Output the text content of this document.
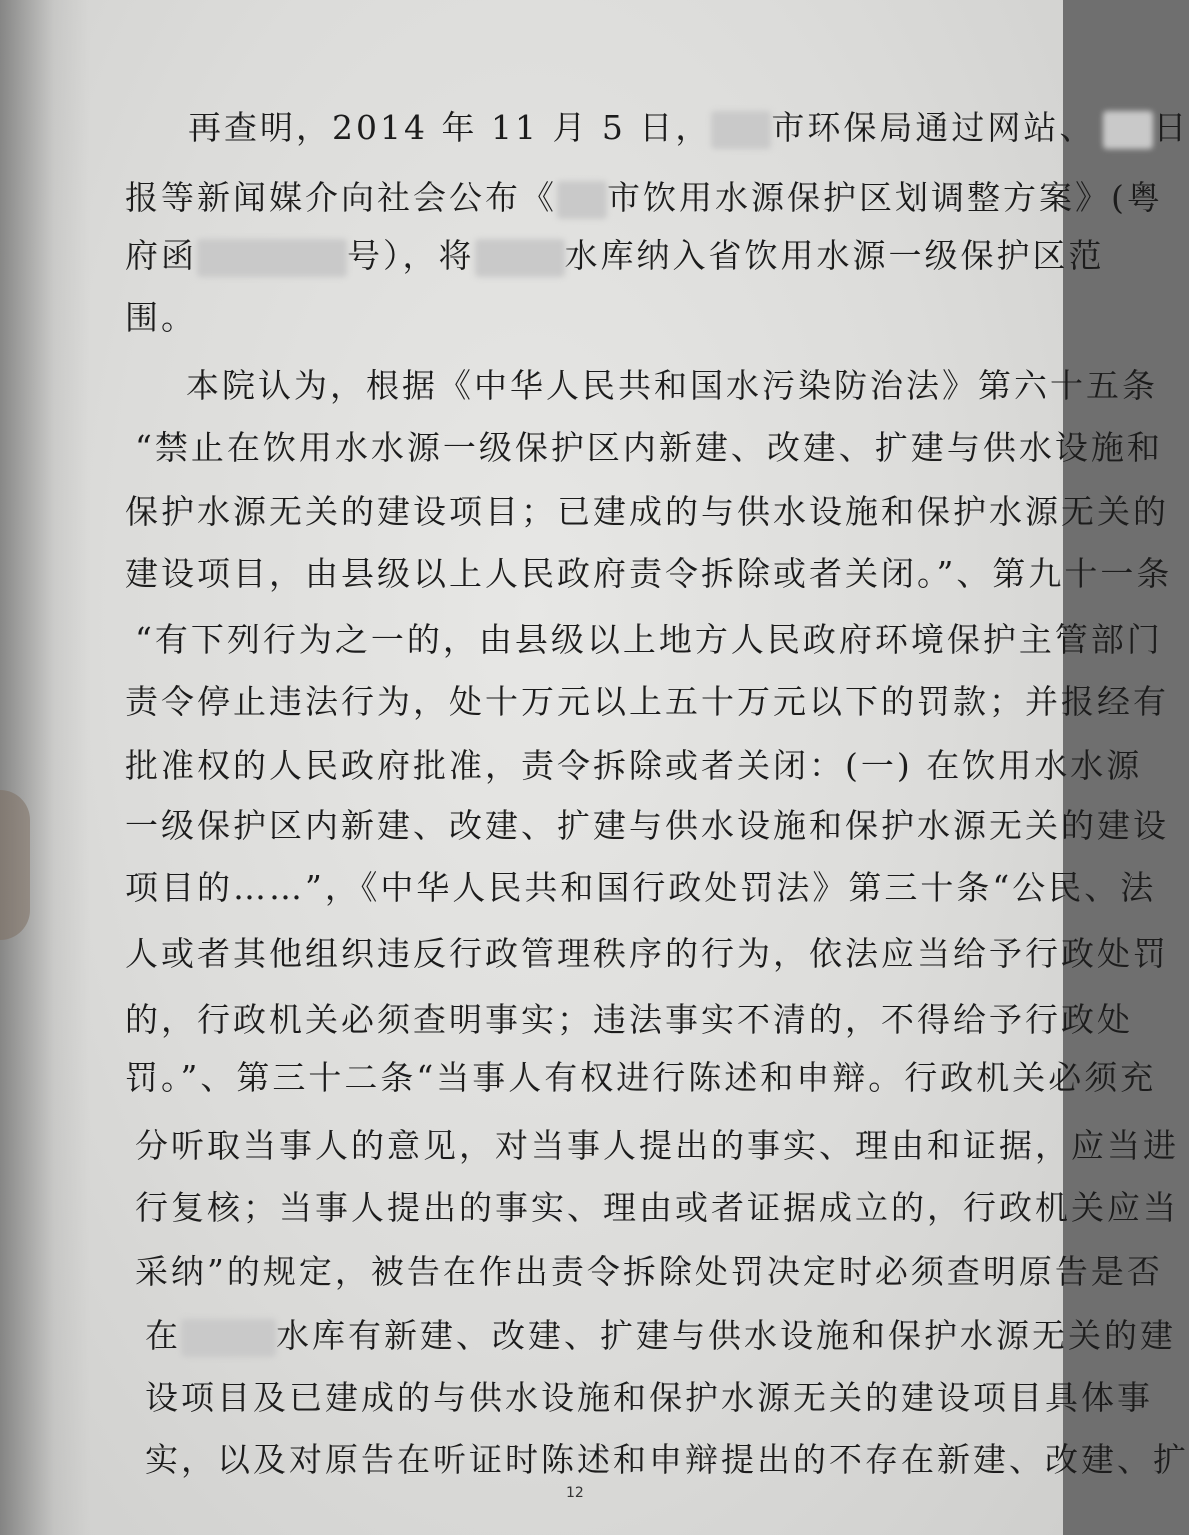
再查明，2014 年 11 月 5 日， 市环保局通过网站、 日
报等新闻媒介向社会公布《 市饮用水源保护区划调整方案》(粤
府函	号），将	水库纳入省饮用水源一级保护区范
围。
本院认为，根据《中华人民共和国水污染防治法》第六十五条
“禁止在饮用水水源一级保护区内新建、改建、扩建与供水设施和
保护水源无关的建设项目；已建成的与供水设施和保护水源无关的
建设项目，由县级以上人民政府责令拆除或者关闭。”、第九十一条
“有下列行为之一的，由县级以上地方人民政府环境保护主管部门
责令停止违法行为，处十万元以上五十万元以下的罚款；并报经有
批准权的人民政府批准，责令拆除或者关闭：(一) 在饮用水水源
一级保护区内新建、改建、扩建与供水设施和保护水源无关的建设
项目的……”，《中华人民共和国行政处罚法》第三十条“公民、法
人或者其他组织违反行政管理秩序的行为，依法应当给予行政处罚
的，行政机关必须查明事实；违法事实不清的，不得给予行政处
罚。”、第三十二条“当事人有权进行陈述和申辩。行政机关必须充
分听取当事人的意见，对当事人提出的事实、理由和证据，应当进
行复核；当事人提出的事实、理由或者证据成立的，行政机关应当
采纳”的规定，被告在作出责令拆除处罚决定时必须查明原告是否
在	水库有新建、改建、扩建与供水设施和保护水源无关的建
设项目及已建成的与供水设施和保护水源无关的建设项目具体事
实，以及对原告在听证时陈述和申辩提出的不存在新建、改建、扩
12
